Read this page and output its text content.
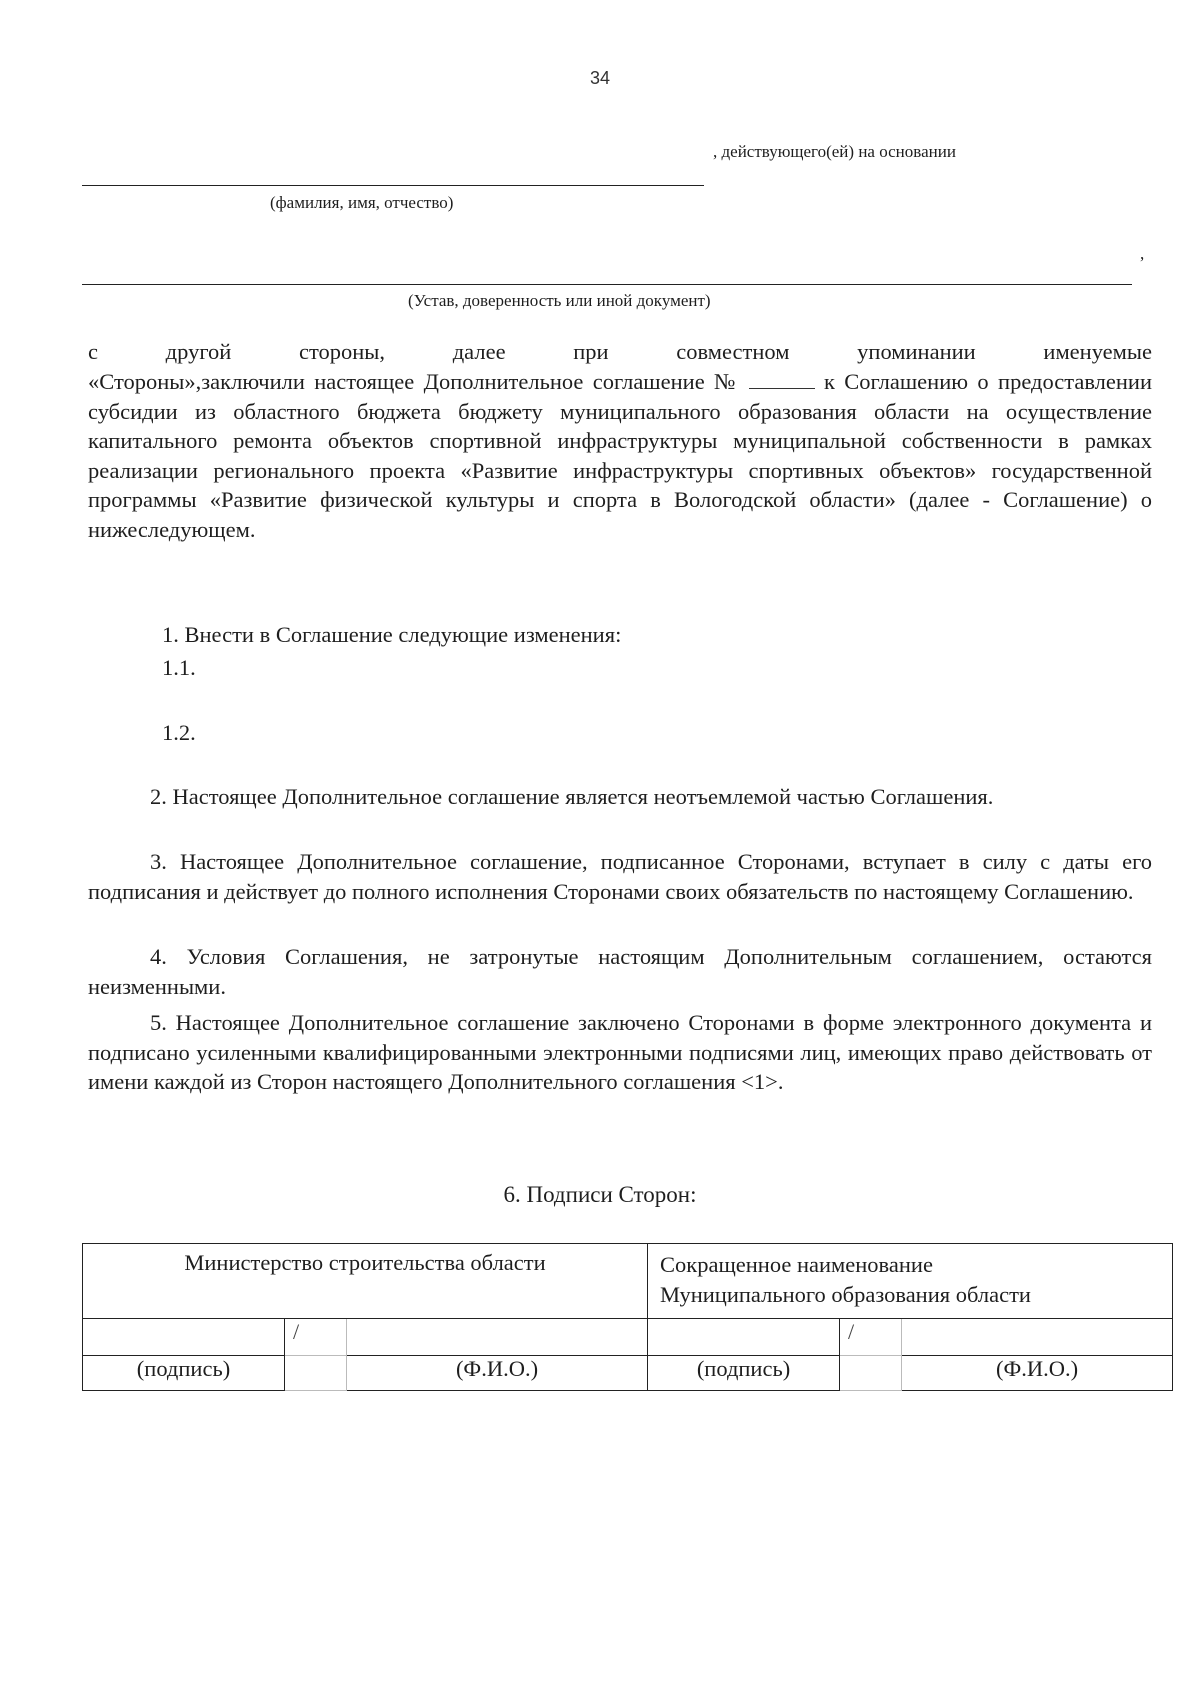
34
, действующего(ей) на основании
(фамилия, имя, отчество)
,
(Устав, доверенность или иной документ)
с другой стороны, далее при совместном упоминании именуемые
«Стороны»,заключили настоящее Дополнительное соглашение №	к Соглашению о предоставлении субсидии из областного бюджета бюджету муниципального образования области на осуществление капитального ремонта объектов спортивной инфраструктуры муниципальной собственности в рамках реализации регионального проекта «Развитие инфраструктуры спортивных объектов» государственной программы «Развитие физической культуры и спорта в Вологодской области» (далее - Соглашение) о нижеследующем.
1. Внести в Соглашение следующие изменения:
1.1.
1.2.
2. Настоящее Дополнительное соглашение является неотъемлемой частью Соглашения.
3. Настоящее Дополнительное соглашение, подписанное Сторонами, вступает в силу с даты его подписания и действует до полного исполнения Сторонами своих обязательств по настоящему Соглашению.
4. Условия Соглашения, не затронутые настоящим Дополнительным соглашением, остаются неизменными.
5. Настоящее Дополнительное соглашение заключено Сторонами в форме электронного документа и подписано усиленными квалифицированными электронными подписями лиц, имеющих право действовать от имени каждой из Сторон настоящего Дополнительного соглашения <1>.
6. Подписи Сторон:
Министерство строительства области			Сокращенное наименование
Муниципального образования области		

	/			/	
(подпись)		(Ф.И.О.)	(подпись)		(Ф.И.О.)
